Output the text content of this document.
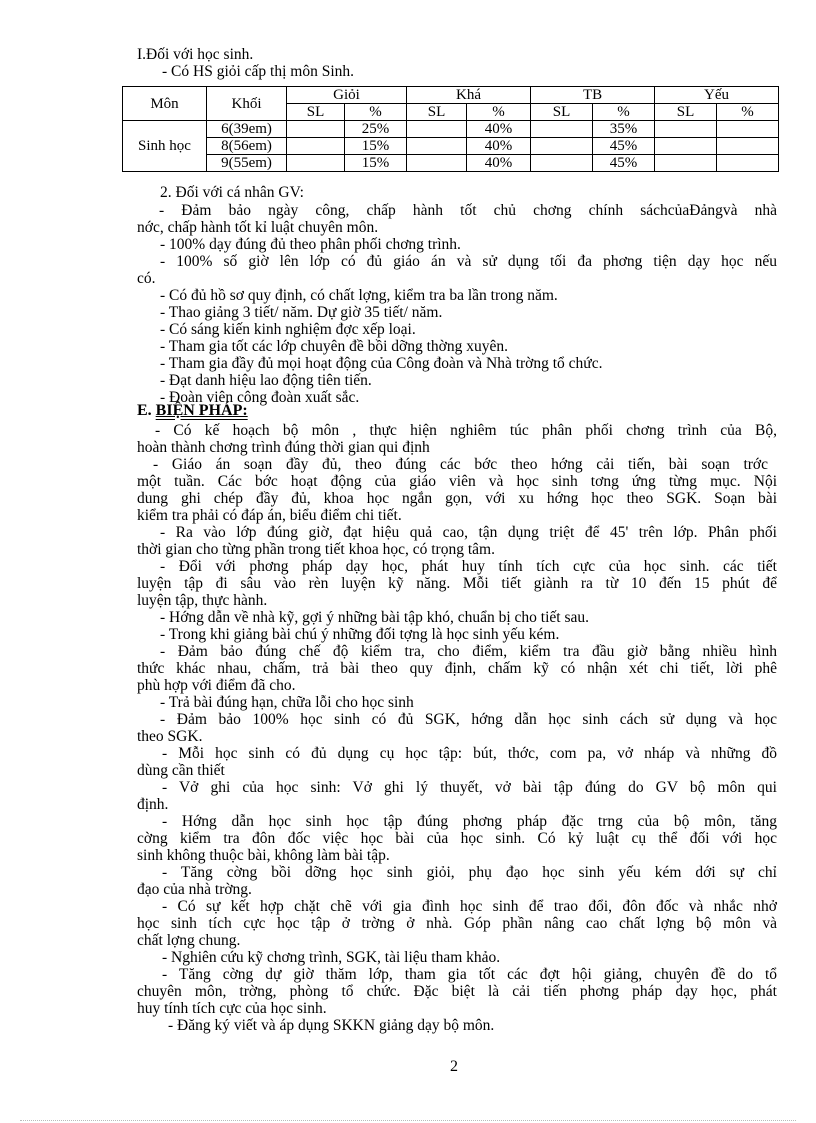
I.Đối với học sinh.
- Có HS giỏi cấp thị môn Sinh.
Môn	Khối	Giỏi		Khá		TB		Yếu	
		SL	%	SL	%	SL	%	SL	%
Sinh học	6(39em)		25%		40%		35%		
	8(56em)		15%		40%		45%		
	9(55em)		15%		40%		45%		
2. Đối với cá nhân GV:
- Đảm bảo ngày công, chấp hành tốt chủ chơng chính sáchcủaĐảngvà nhà
nớc, chấp hành tốt kỉ luật chuyên môn.
- 100% dạy đúng đủ theo phân phối chơng trình.
- 100% số giờ lên lớp có đủ giáo án và sử dụng tối đa phơng tiện dạy học nếu
có.
- Có đủ hồ sơ quy định, có chất lợng, kiểm tra ba lần trong năm.
- Thao giảng 3 tiết/ năm. Dự giờ 35 tiết/ năm.
- Có sáng kiến kinh nghiệm đợc xếp loại.
- Tham gia tốt các lớp chuyên đề bồi dỡng thờng xuyên.
- Tham gia đầy đủ mọi hoạt động của Công đoàn và Nhà trờng tổ chức.
- Đạt danh hiệu lao động tiên tiến.
- Đoàn viên công đoàn xuất sắc.
E. BIỆN PHÁP:
- Có kế hoạch bộ môn , thực hiện nghiêm túc phân phối chơng trình của Bộ,
hoàn thành chơng trình đúng thời gian qui định
- Giáo án soạn đầy đủ, theo đúng các bớc theo hớng cải tiến, bài soạn trớc
một tuần. Các bớc hoạt động của giáo viên và học sinh tơng ứng từng mục. Nội
dung ghi chép đầy đủ, khoa học ngắn gọn, với xu hớng học theo SGK. Soạn bài
kiểm tra phải có đáp án, biểu điểm chi tiết.
- Ra vào lớp đúng giờ, đạt hiệu quả cao, tận dụng triệt để 45' trên lớp. Phân phối
thời gian cho từng phần trong tiết khoa học, có trọng tâm.
- Đổi với phơng pháp dạy học, phát huy tính tích cực của học sinh. các tiết
luyện tập đi sâu vào rèn luyện kỹ năng. Mỗi tiết giành ra từ 10 đến 15 phút để
luyện tập, thực hành.
- Hớng dẫn về nhà kỹ, gợi ý những bài tập khó, chuẩn bị cho tiết sau.
- Trong khi giảng bài chú ý những đối tợng là học sinh yếu kém.
- Đảm bảo đúng chế độ kiểm tra, cho điểm, kiểm tra đầu giờ bằng nhiều hình
thức khác nhau, chấm, trả bài theo quy định, chấm kỹ có nhận xét chi tiết, lời phê
phù hợp với điểm đã cho.
- Trả bài đúng hạn, chữa lỗi cho học sinh
- Đảm bảo 100% học sinh có đủ SGK, hớng dẫn học sinh cách sử dụng và học
theo SGK.
- Mỗi học sinh có đủ dụng cụ học tập: bút, thớc, com pa, vở nháp và những đồ
dùng cần thiết
- Vở ghi của học sinh: Vở ghi lý thuyết, vở bài tập đúng do GV bộ môn qui
định.
- Hớng dẫn học sinh học tập đúng phơng pháp đặc trng của bộ môn, tăng
cờng kiểm tra đôn đốc việc học bài của học sinh. Có kỷ luật cụ thể đối với học
sinh không thuộc bài, không làm bài tập.
- Tăng cờng bồi dỡng học sinh giỏi, phụ đạo học sinh yếu kém dới sự chỉ
đạo của nhà trờng.
- Có sự kết hợp chặt chẽ với gia đình học sinh để trao đổi, đôn đốc và nhắc nhở
học sinh tích cực học tập ở trờng ở nhà. Góp phần nâng cao chất lợng bộ môn và
chất lợng chung.
- Nghiên cứu kỹ chơng trình, SGK, tài liệu tham khảo.
- Tăng cờng dự giờ thăm lớp, tham gia tốt các đợt hội giảng, chuyên đề do tổ
chuyên môn, trờng, phòng tổ chức. Đặc biệt là cải tiến phơng pháp dạy học, phát
huy tính tích cực của học sinh.
- Đăng ký viết và áp dụng SKKN giảng dạy bộ môn.
2
